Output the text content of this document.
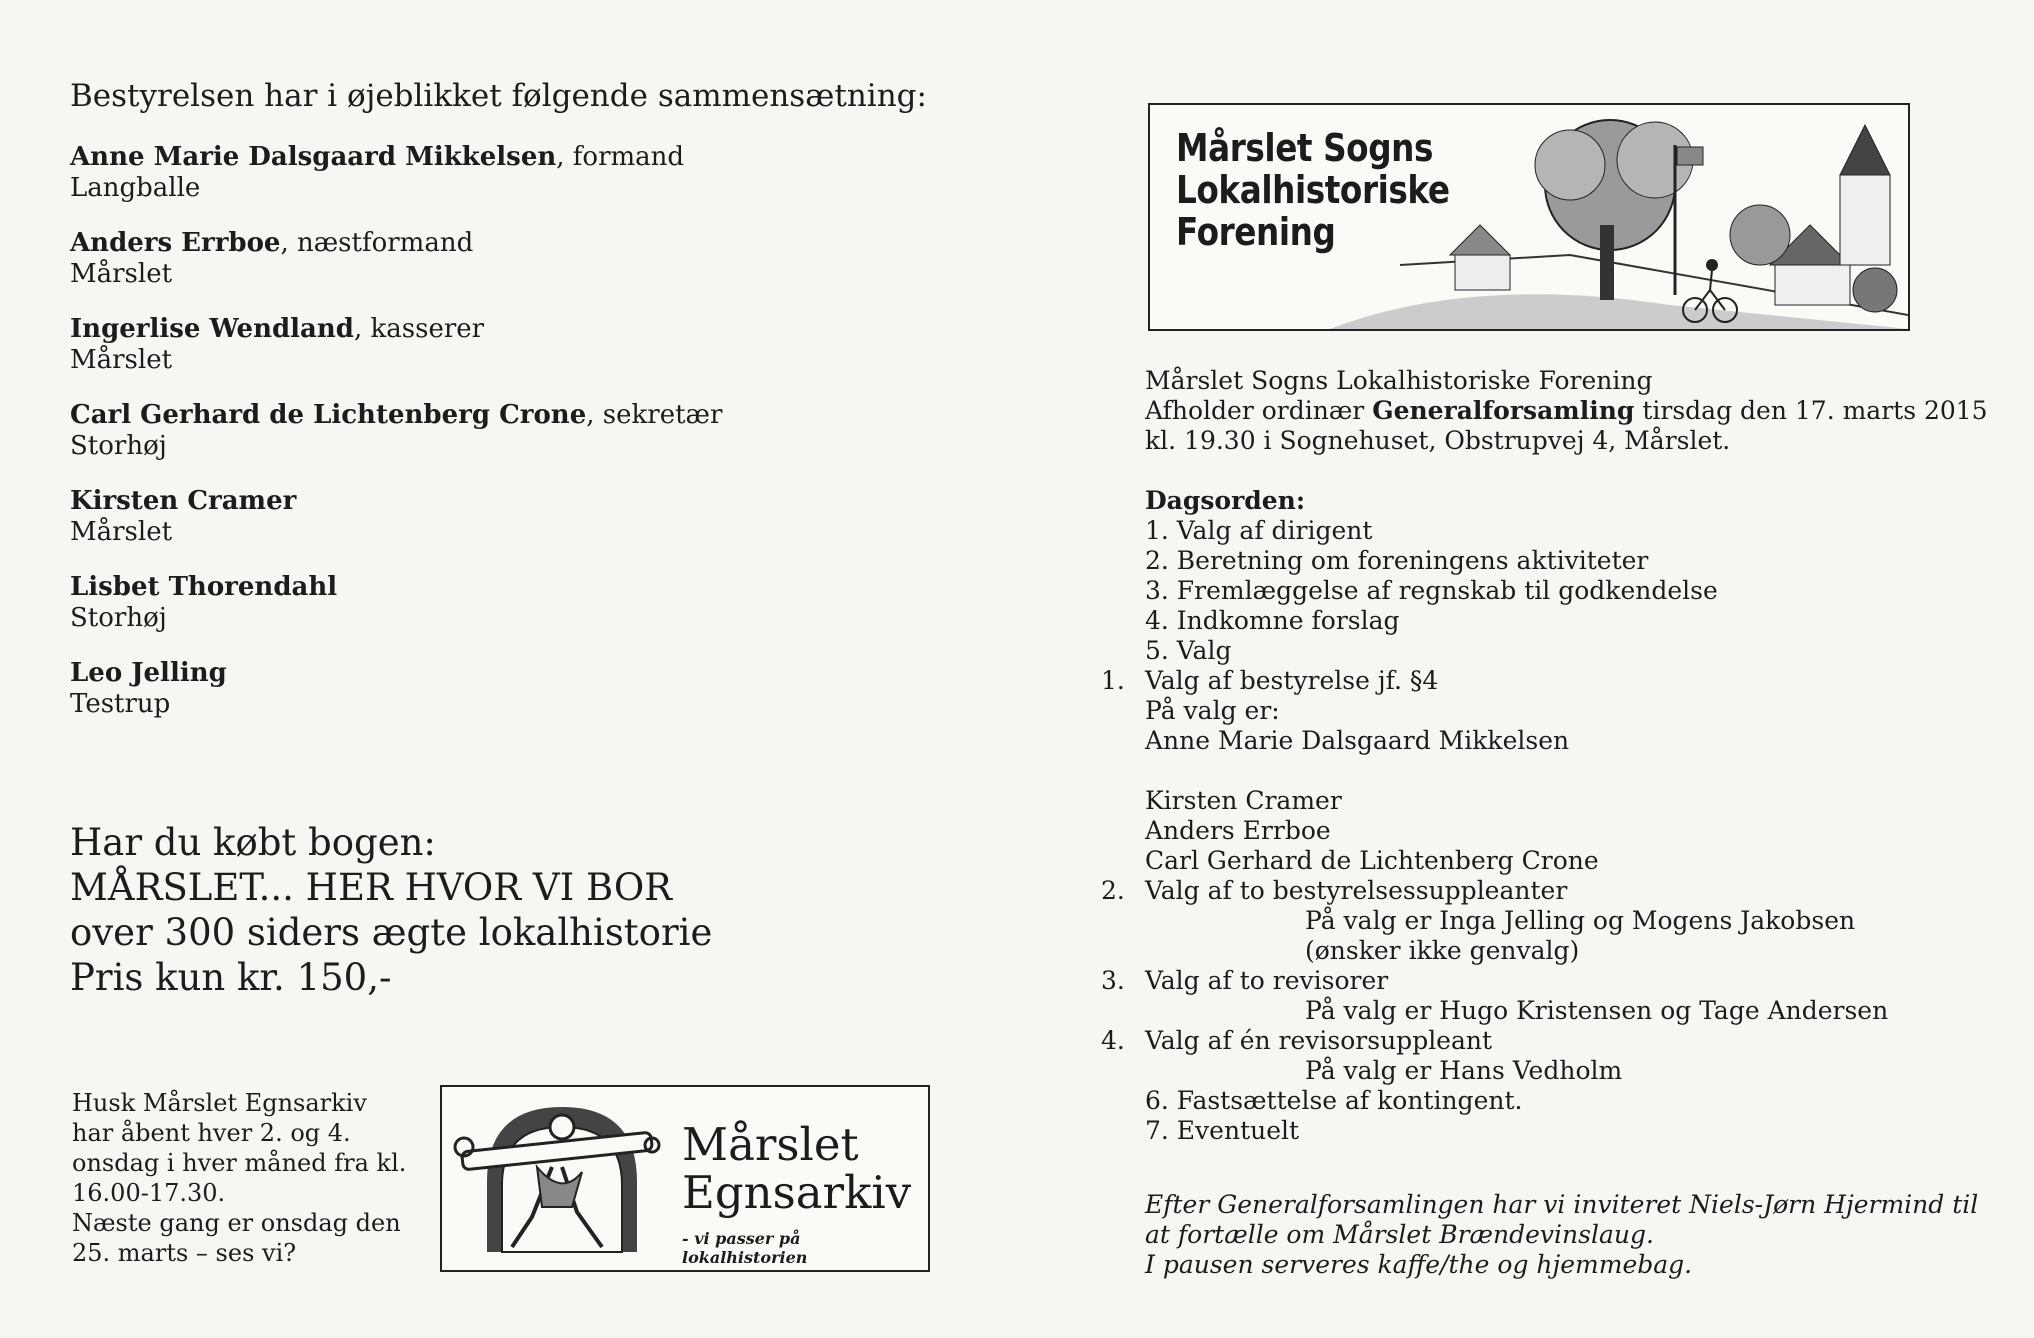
Bestyrelsen har i øjeblikket følgende sammensætning:
Anne Marie Dalsgaard Mikkelsen, formand
Langballe
Anders Errboe, næstformand
Mårslet
Ingerlise Wendland, kasserer
Mårslet
Carl Gerhard de Lichtenberg Crone, sekretær
Storhøj
Kirsten Cramer
Mårslet
Lisbet Thorendahl
Storhøj
Leo Jelling
Testrup
Har du købt bogen:
MÅRSLET... HER HVOR VI BOR
over 300 siders ægte lokalhistorie
Pris kun kr. 150,-
Husk Mårslet Egnsarkiv
har åbent hver 2. og 4.
onsdag i hver måned fra kl.
16.00-17.30.
Næste gang er onsdag den
25. marts – ses vi?
Mårslet
Egnsarkiv
- vi passer på lokalhistorien
Mårslet Sogns
Lokalhistoriske
Forening

Mårslet Sogns Lokalhistoriske Forening

Afholder ordinær Generalforsamling tirsdag den 17. marts 2015

kl. 19.30 i Sognehuset, Obstrupvej 4, Mårslet.

Dagsorden:

1. Valg af dirigent

2. Beretning om foreningens aktiviteter

3. Fremlæggelse af regnskab til godkendelse

4. Indkomne forslag

5. Valg

1. Valg af bestyrelse jf. §4

På valg er:

Anne Marie Dalsgaard Mikkelsen

Kirsten Cramer

Anders Errboe

Carl Gerhard de Lichtenberg Crone

2. Valg af to bestyrelsessuppleanter

På valg er Inga Jelling og Mogens Jakobsen

(ønsker ikke genvalg)

3. Valg af to revisorer

På valg er Hugo Kristensen og Tage Andersen

4. Valg af én revisorsuppleant

På valg er Hans Vedholm

6. Fastsættelse af kontingent.

7. Eventuelt

Efter Generalforsamlingen har vi inviteret Niels-Jørn Hjermind til

at fortælle om Mårslet Brændevinslaug.

I pausen serveres kaffe/the og hjemmebag.
